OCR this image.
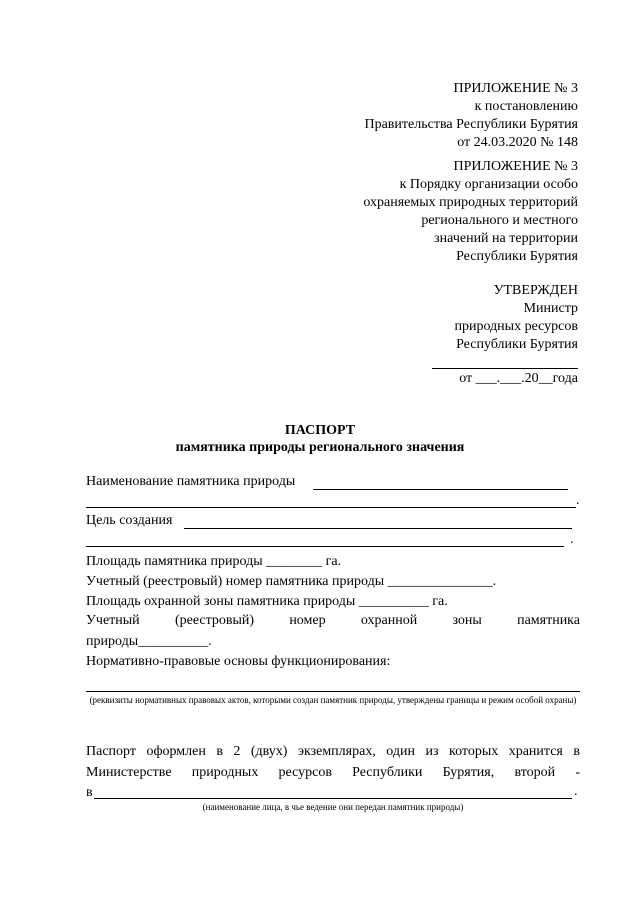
ПРИЛОЖЕНИЕ № 3
к постановлению
Правительства Республики Бурятия
от 24.03.2020 № 148
ПРИЛОЖЕНИЕ № 3
к Порядку организации особо
охраняемых природных территорий
регионального и местного
значений на территории
Республики Бурятия
УТВЕРЖДЕН
Министр
природных ресурсов
Республики Бурятия
от ___.___.20__года
ПАСПОРТ
памятника природы регионального значения
Наименование памятника природы
.
Цель создания
.
Площадь памятника природы ________ га.
Учетный (реестровый) номер памятника природы _______________.
Площадь охранной зоны памятника природы __________ га.
Учетный	(реестровый)	номер	охранной	зоны	памятника
природы__________.
Нормативно-правовые основы функционирования:
(реквизиты нормативных правовых актов, которыми создан памятник природы, утверждены границы и режим особой охраны)
Паспорт оформлен в 2 (двух) экземплярах, один из которых хранится в
Министерстве природных ресурсов Республики Бурятия, второй -
в	.
(наименование лица, в чье ведение они передан памятник природы)
